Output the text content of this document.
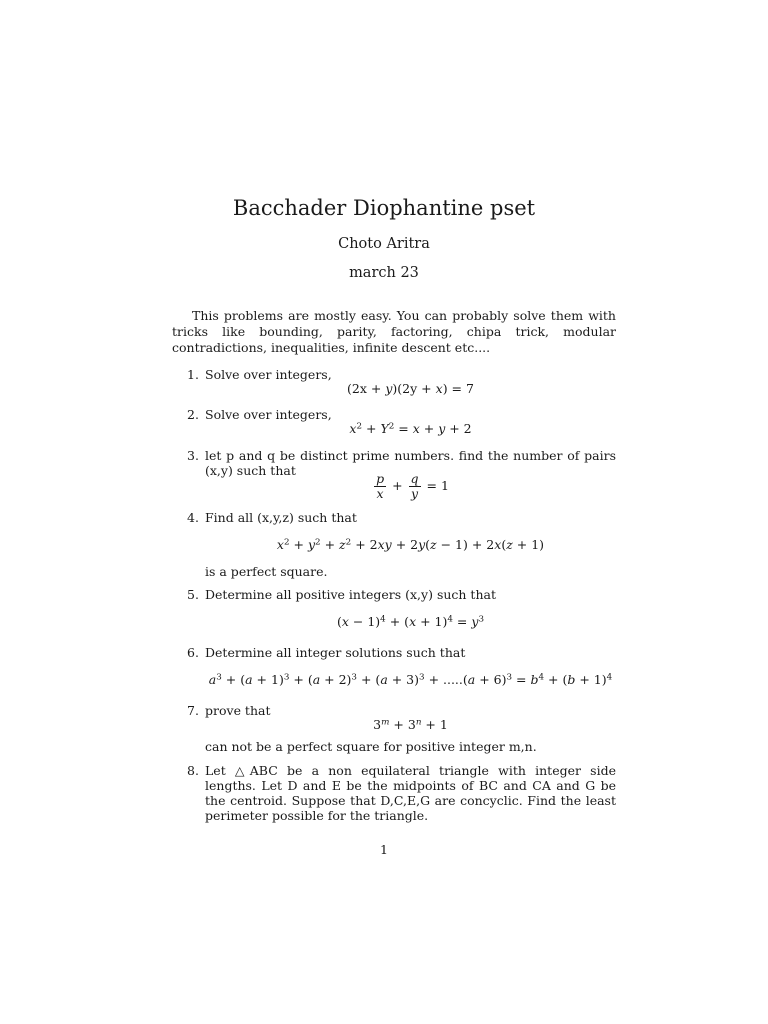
Bacchader Diophantine pset
Choto Aritra
march 23
This problems are mostly easy. You can probably solve them with tricks like bounding, parity, factoring, chipa trick, modular contradictions, inequalities, infinite descent etc....
1. Solve over integers,
(2x + y)(2y + x) = 7
2. Solve over integers,
$x^2 + Y^2 = x + y + 2$
3. let p and q be distinct prime numbers. find the number of pairs (x,y) such that
$\frac{p}{x} + \frac{q}{y} = 1$
4. Find all (x,y,z) such that
$x^2 + y^2 + z^2 + 2xy + 2y(z - 1) + 2x(z + 1)$
is a perfect square.
5. Determine all positive integers (x,y) such that
$(x - 1)^4 + (x + 1)^4 = y^3$
6. Determine all integer solutions such that
$a^3 + (a + 1)^3 + (a + 2)^3 + (a + 3)^3 + .....(a + 6)^3 = b^4 + (b + 1)^4$
7. prove that
$3^m + 3^n + 1$
can not be a perfect square for positive integer m,n.
8. Let △ABC be a non equilateral triangle with integer side lengths. Let D and E be the midpoints of BC and CA and G be the centroid. Suppose that D,C,E,G are concyclic. Find the least perimeter possible for the triangle.
1
